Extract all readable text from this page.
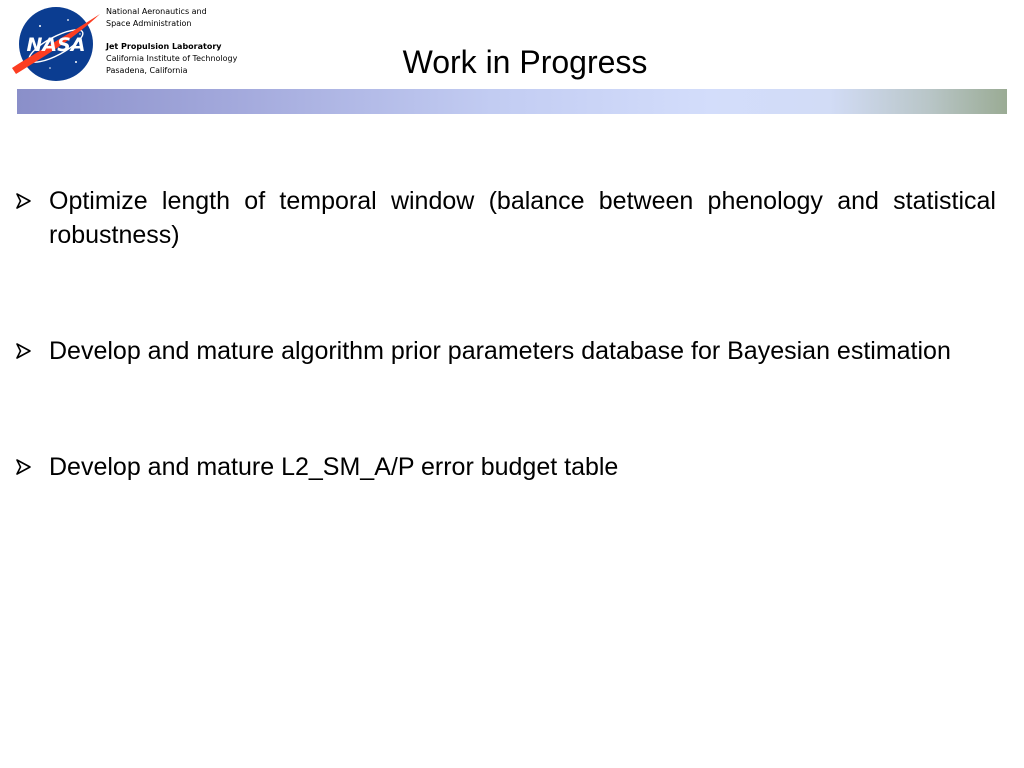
NASA
National Aeronautics and
Space Administration
Jet Propulsion Laboratory
California Institute of Technology
Pasadena, California	Work in Progress
Optimize length of temporal window (balance between phenology and statistical robustness)
Develop and mature algorithm prior parameters database for Bayesian estimation
Develop and mature L2_SM_A/P error budget table
